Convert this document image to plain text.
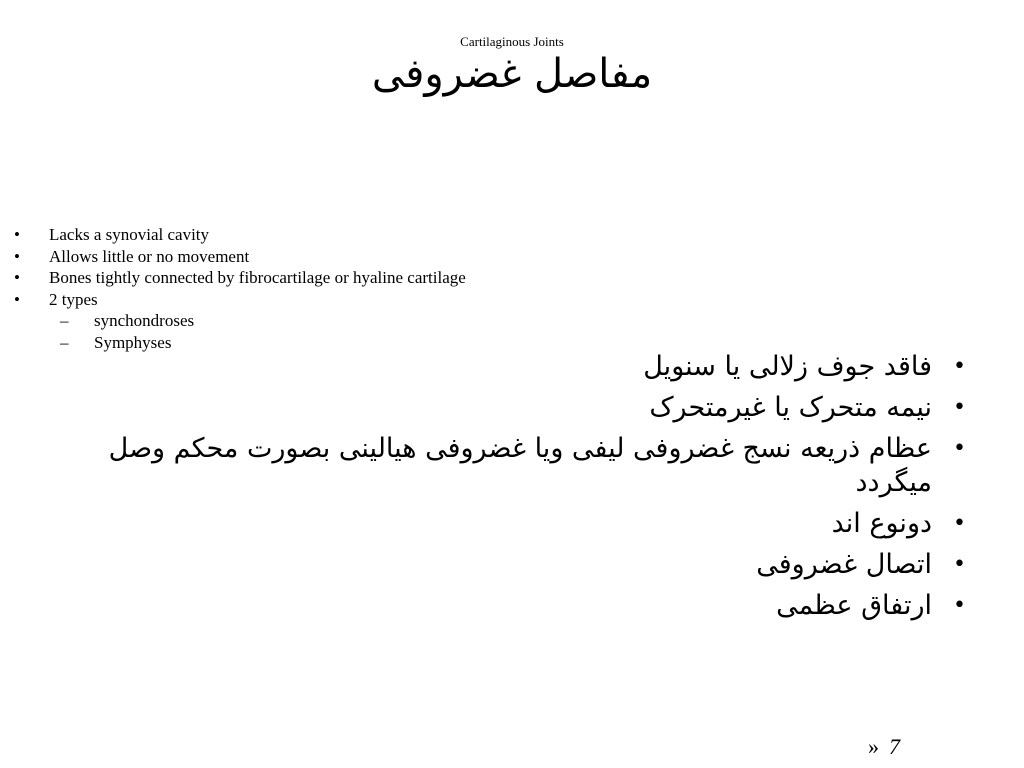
Cartilaginous Joints
مفاصل غضروفی
• Lacks a synovial cavity
• Allows little or no movement
• Bones tightly connected by fibrocartilage or hyaline cartilage
• 2 types
– synchondroses
– Symphyses
•
فاقد جوف زلالی یا سنویل
•
نیمه متحرک یا غیرمتحرک
•
عظام ذریعه نسج غضروفی لیفی ویا غضروفی هیالینی بصورت محکم وصل میگردد
•
دونوع اند
•
اتصال غضروفی
•
ارتفاق عظمی
» 7
